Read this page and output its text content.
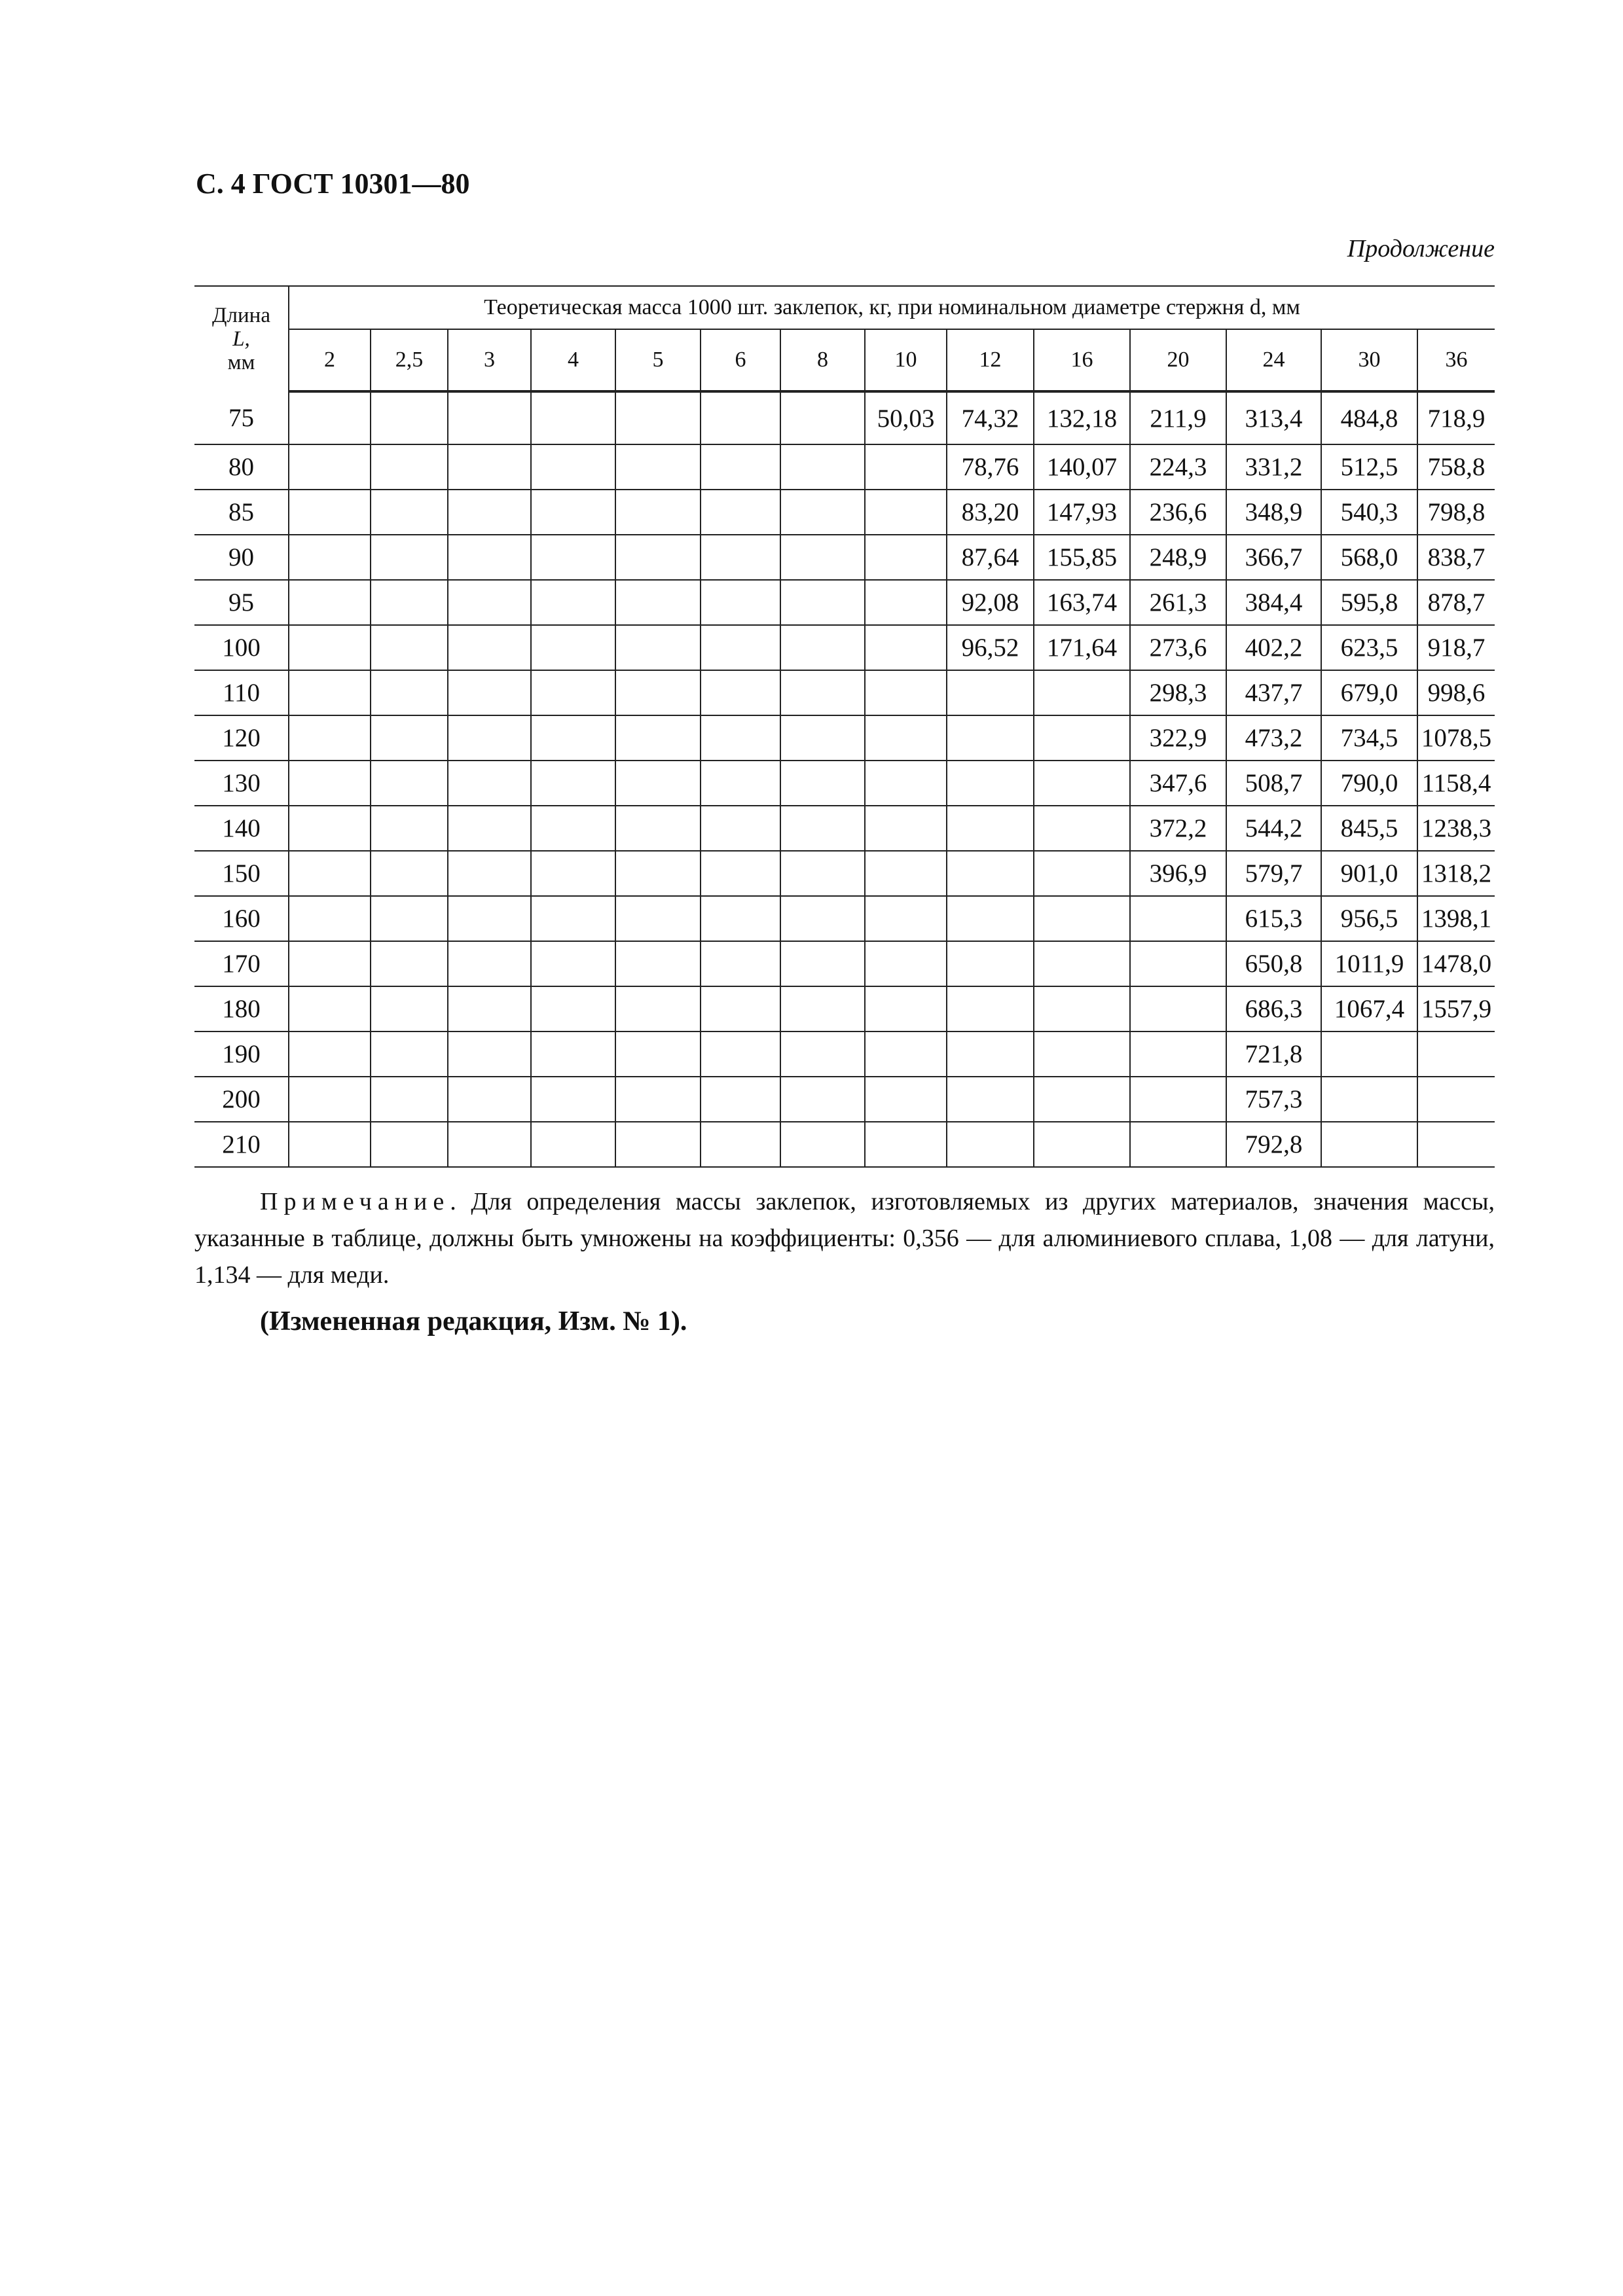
С. 4 ГОСТ 10301—80
Продолжение
Длина
L,
мм	Теоретическая масса 1000 шт. заклепок, кг, при номинальном диаметре стержня d, мм													
	2	2,5	3	4	5	6	8	10	12	16	20	24	30	36
75								50,03	74,32	132,18	211,9	313,4	484,8	718,9
80									78,76	140,07	224,3	331,2	512,5	758,8
85									83,20	147,93	236,6	348,9	540,3	798,8
90									87,64	155,85	248,9	366,7	568,0	838,7
95									92,08	163,74	261,3	384,4	595,8	878,7
100									96,52	171,64	273,6	402,2	623,5	918,7
110											298,3	437,7	679,0	998,6
120											322,9	473,2	734,5	1078,5
130											347,6	508,7	790,0	1158,4
140											372,2	544,2	845,5	1238,3
150											396,9	579,7	901,0	1318,2
160												615,3	956,5	1398,1
170												650,8	1011,9	1478,0
180												686,3	1067,4	1557,9
190												721,8		
200												757,3		
210												792,8		
Примечание. Для определения массы заклепок, изготовляемых из других материалов, значения массы, указанные в таблице, должны быть умножены на коэффициенты: 0,356 — для алюминиевого сплава, 1,08 — для латуни, 1,134 — для меди.
(Измененная редакция, Изм. № 1).
